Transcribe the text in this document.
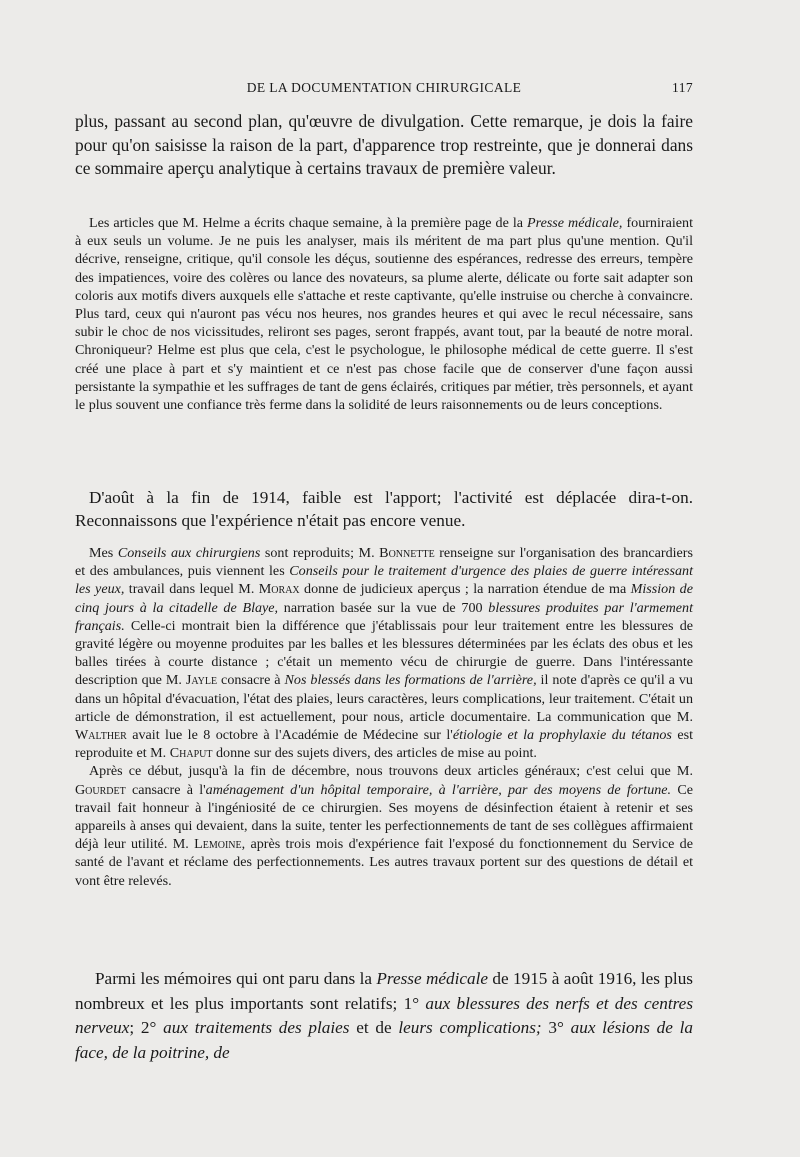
DE LA DOCUMENTATION CHIRURGICALE	117

plus, passant au second plan, qu'œuvre de divulgation. Cette remarque, je dois la faire pour qu'on saisisse la raison de la part, d'apparence trop restreinte, que je donnerai dans ce sommaire aperçu analytique à certains travaux de première valeur.

Les articles que M. Helme a écrits chaque semaine, à la première page de la Presse médicale, fourniraient à eux seuls un volume. Je ne puis les analyser, mais ils méritent de ma part plus qu'une mention. Qu'il décrive, renseigne, critique, qu'il console les déçus, soutienne des espérances, redresse des erreurs, tempère des impatiences, voire des colères ou lance des novateurs, sa plume alerte, délicate ou forte sait adapter son coloris aux motifs divers auxquels elle s'attache et reste captivante, qu'elle instruise ou cherche à convaincre. Plus tard, ceux qui n'auront pas vécu nos heures, nos grandes heures et qui avec le recul nécessaire, sans subir le choc de nos vicissitudes, reliront ses pages, seront frappés, avant tout, par la beauté de notre moral. Chroniqueur? Helme est plus que cela, c'est le psychologue, le philosophe médical de cette guerre. Il s'est créé une place à part et s'y maintient et ce n'est pas chose facile que de conserver d'une façon aussi persistante la sympathie et les suffrages de tant de gens éclairés, critiques par métier, très personnels, et ayant le plus souvent une confiance très ferme dans la solidité de leurs raisonnements ou de leurs conceptions.

D'août à la fin de 1914, faible est l'apport; l'activité est déplacée dira-t-on. Reconnaissons que l'expérience n'était pas encore venue.

Mes Conseils aux chirurgiens sont reproduits; M. Bonnette renseigne sur l'organisation des brancardiers et des ambulances, puis viennent les Conseils pour le traitement d'urgence des plaies de guerre intéressant les yeux, travail dans lequel M. Morax donne de judicieux aperçus ; la narration étendue de ma Mission de cinq jours à la citadelle de Blaye, narration basée sur la vue de 700 blessures produites par l'armement français. Celle-ci montrait bien la différence que j'établissais pour leur traitement entre les blessures de gravité légère ou moyenne produites par les balles et les blessures déterminées par les éclats des obus et les balles tirées à courte distance ; c'était un memento vécu de chirurgie de guerre. Dans l'intéressante description que M. Jayle consacre à Nos blessés dans les formations de l'arrière, il note d'après ce qu'il a vu dans un hôpital d'évacuation, l'état des plaies, leurs caractères, leurs complications, leur traitement. C'était un article de démonstration, il est actuellement, pour nous, article documentaire. La communication que M. Walther avait lue le 8 octobre à l'Académie de Médecine sur l'étiologie et la prophylaxie du tétanos est reproduite et M. Chaput donne sur des sujets divers, des articles de mise au point.

Après ce début, jusqu'à la fin de décembre, nous trouvons deux articles généraux; c'est celui que M. Gourdet cansacre à l'aménagement d'un hôpital temporaire, à l'arrière, par des moyens de fortune. Ce travail fait honneur à l'ingéniosité de ce chirurgien. Ses moyens de désinfection étaient à retenir et ses appareils à anses qui devaient, dans la suite, tenter les perfectionnements de tant de ses collègues affirmaient déjà leur utilité. M. Lemoine, après trois mois d'expérience fait l'exposé du fonctionnement du Service de santé de l'avant et réclame des perfectionnements. Les autres travaux portent sur des questions de détail et vont être relevés.

Parmi les mémoires qui ont paru dans la Presse médicale de 1915 à août 1916, les plus nombreux et les plus importants sont relatifs; 1° aux blessures des nerfs et des centres nerveux; 2° aux traitements des plaies et de leurs complications; 3° aux lésions de la face, de la poitrine, de
